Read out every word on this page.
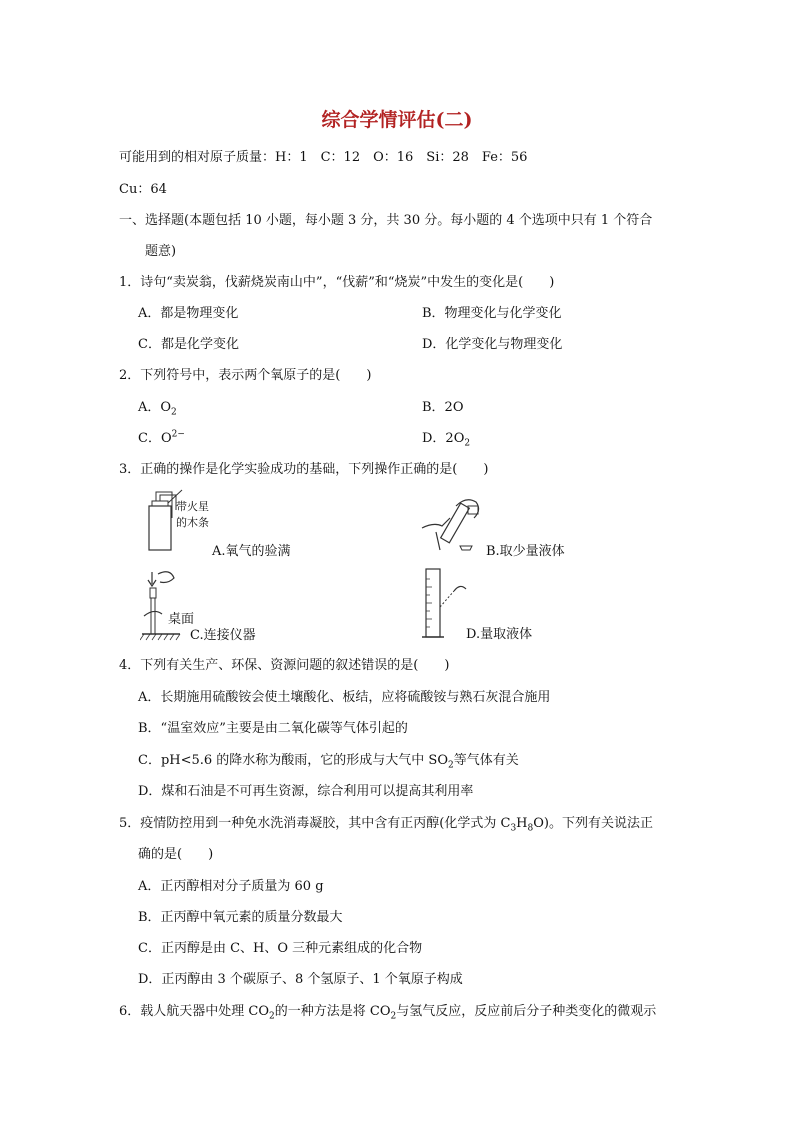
综合学情评估(二)
可能用到的相对原子质量：H：1　C：12　O：16　Si：28　Fe：56
Cu：64
一、选择题(本题包括 10 小题，每小题 3 分，共 30 分。每小题的 4 个选项中只有 1 个符合
题意)
1．诗句“卖炭翁，伐薪烧炭南山中”，“伐薪”和“烧炭”中发生的变化是(　　)
A．都是物理变化	B．物理变化与化学变化
C．都是化学变化	D．化学变化与物理变化
2．下列符号中，表示两个氧原子的是(　　)
A．$O_2$	B．2O
C．$O^{2-}$	D．$2O_2$
3．正确的操作是化学实验成功的基础，下列操作正确的是(　　)
带火星
的木条
A.氧气的验满	B.取少量液体
桌面
C.连接仪器	D.量取液体
4．下列有关生产、环保、资源问题的叙述错误的是(　　)
A．长期施用硫酸铵会使土壤酸化、板结，应将硫酸铵与熟石灰混合施用
B．“温室效应”主要是由二氧化碳等气体引起的
C．pH<5.6 的降水称为酸雨，它的形成与大气中 $SO_2$等气体有关
D．煤和石油是不可再生资源，综合利用可以提高其利用率
5．疫情防控用到一种免水洗消毒凝胶，其中含有正丙醇(化学式为 $C_3H_8O$)。下列有关说法正
确的是(　　)
A．正丙醇相对分子质量为 60 g
B．正丙醇中氧元素的质量分数最大
C．正丙醇是由 C、H、O 三种元素组成的化合物
D．正丙醇由 3 个碳原子、8 个氢原子、1 个氧原子构成
6．载人航天器中处理 $CO_2$的一种方法是将 $CO_2$与氢气反应，反应前后分子种类变化的微观示
